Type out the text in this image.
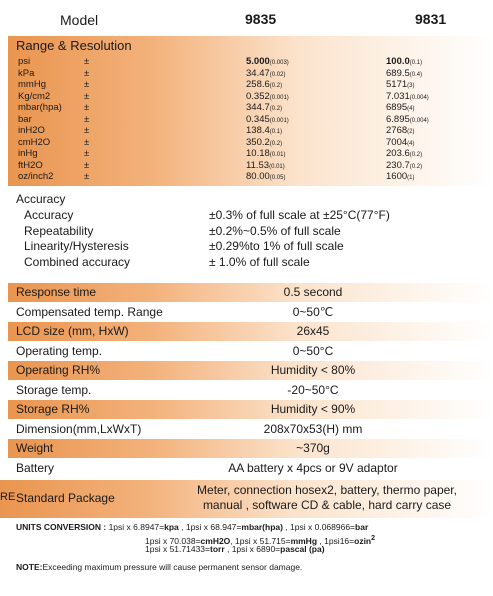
Model	9835	9831
Range & Resolution
psi	±	5.000(0.003)	100.0(0.1)
kPa	±	34.47(0.02)	689.5(0.4)
mmHg	±	258.6(0.2)	5171(3)
Kg/cm2	±	0.352(0.001)	7.031(0.004)
mbar(hpa) ±	344.7(0.2)	6895(4)
bar	±	0.345(0.001)	6.895(0.004)
inH2O	±	138.4(0.1)	2768(2)
cmH2O	±	350.2(0.2)	7004(4)
inHg	±	10.18(0.01)	203.6(0.2)
ftH2O	±	11.53(0.01)	230.7(0.2)
oz/inch2	±	80.00(0.05)	1600(1)
Accuracy
Accuracy	±0.3% of full scale at ±25°C(77°F)
Repeatability	±0.2%~0.5% of full scale
Linearity/Hysteresis	±0.29%to 1% of full scale
Combined accuracy	± 1.0% of full scale
Response time	0.5 second
Compensated temp. Range	0~50℃
LCD size (mm, HxW)	26x45
Operating temp.	0~50°C
Operating RH%	Humidity < 80%
Storage temp.	-20~50°C
Storage RH%	Humidity < 90%
Dimension(mm,LxWxT)	208x70x53(H) mm
Weight	~370g
Battery	AA battery x 4pcs or 9V adaptor
RE Standard Package
Meter, connection hosex2, battery, thermo paper,
manual , software CD & cable, hard carry case
UNITS CONVERSION : 1psi x 6.8947=kpa , 1psi x 68.947=mbar(hpa) , 1psi x 0.068966=bar
1psi x 70.038=cmH2O, 1psi x 51.715=mmHg , 1psi16=ozin$^2$
1psi x 51.71433=torr , 1psi x 6890=pascal (pa)
NOTE:Exceeding maximum pressure will cause permanent sensor damage.
